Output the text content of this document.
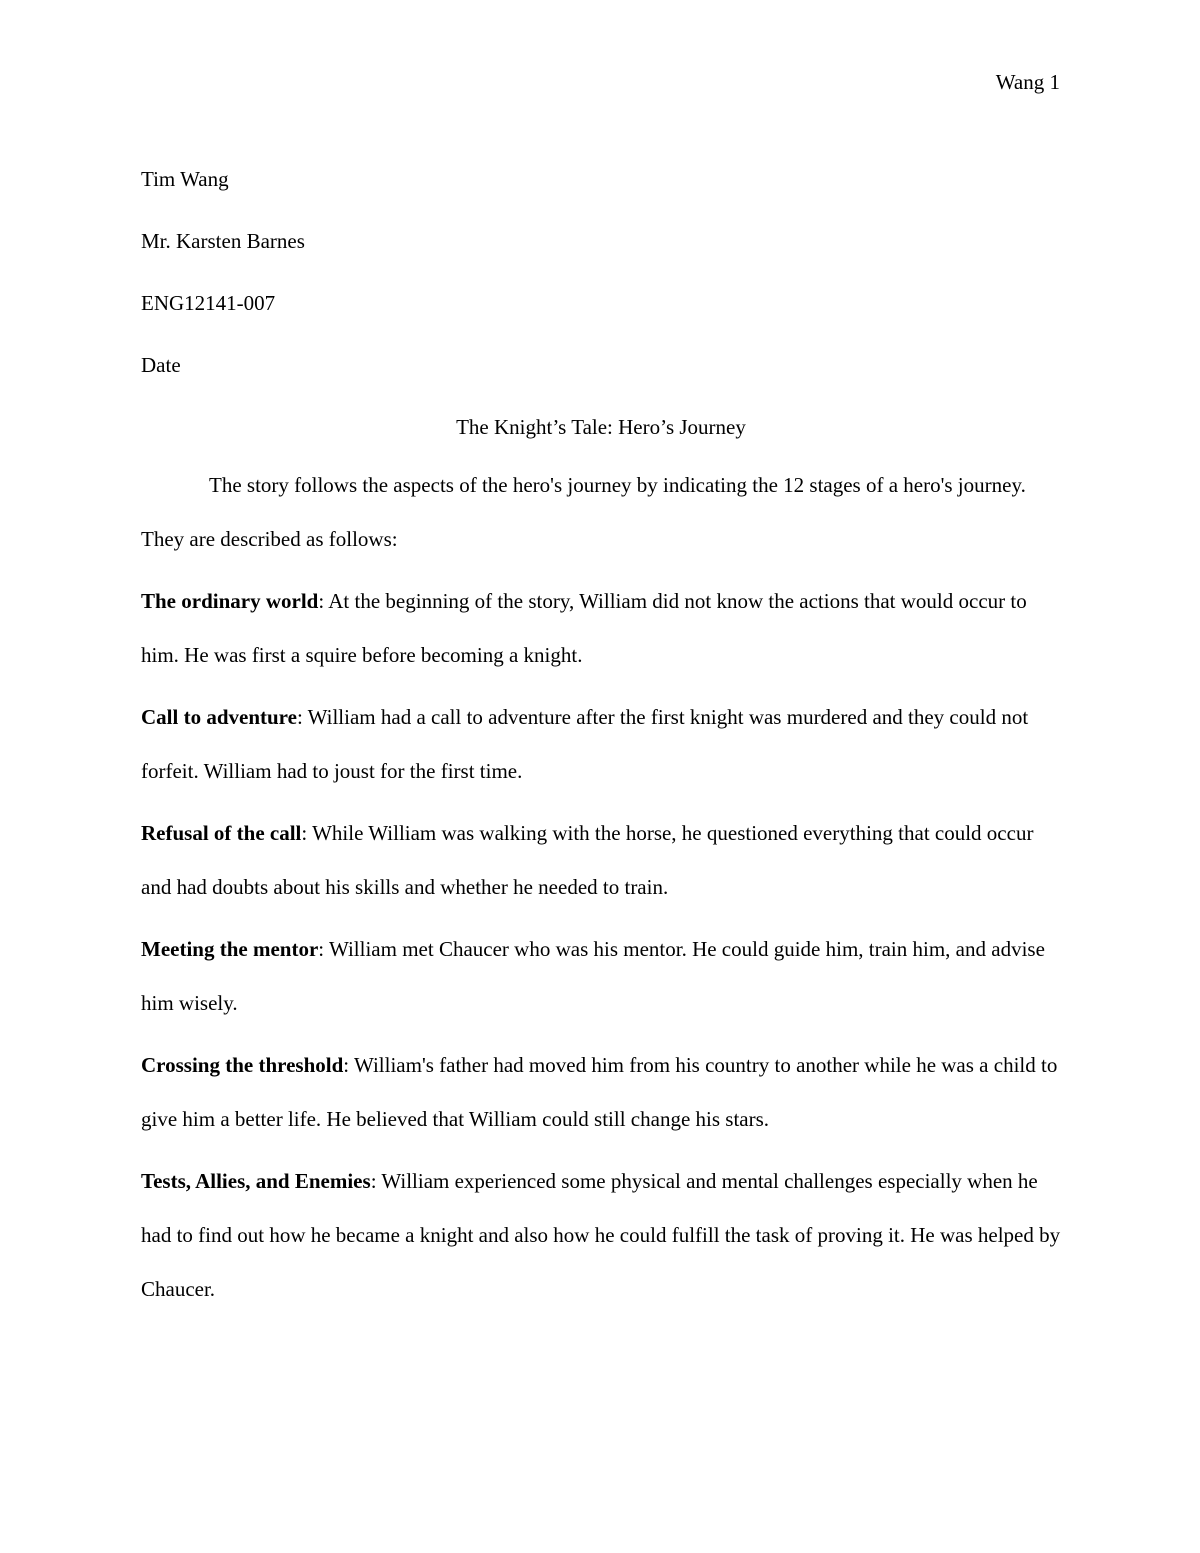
Wang 1

Tim Wang

Mr. Karsten Barnes

ENG12141-007

Date

The Knight’s Tale: Hero’s Journey

The story follows the aspects of the hero's journey by indicating the 12 stages of a hero's journey. They are described as follows:

The ordinary world: At the beginning of the story, William did not know the actions that would occur to him. He was first a squire before becoming a knight.

Call to adventure: William had a call to adventure after the first knight was murdered and they could not forfeit. William had to joust for the first time.

Refusal of the call: While William was walking with the horse, he questioned everything that could occur and had doubts about his skills and whether he needed to train.

Meeting the mentor: William met Chaucer who was his mentor. He could guide him, train him, and advise him wisely.

Crossing the threshold: William's father had moved him from his country to another while he was a child to give him a better life. He believed that William could still change his stars.

Tests, Allies, and Enemies: William experienced some physical and mental challenges especially when he had to find out how he became a knight and also how he could fulfill the task of proving it. He was helped by Chaucer.
